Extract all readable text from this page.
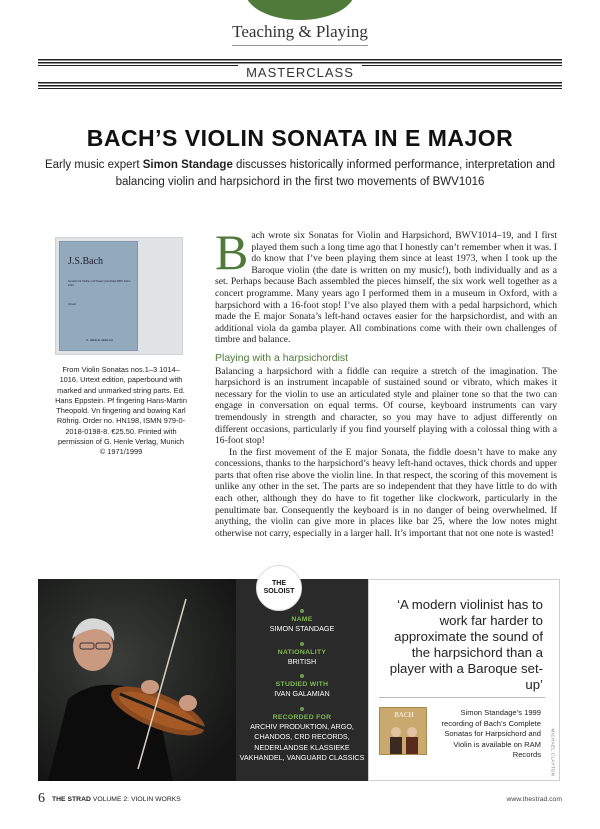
Teaching & Playing
MASTERCLASS
BACH’S VIOLIN SONATA IN E MAJOR
Early music expert Simon Standage discusses historically informed performance, interpretation and balancing violin and harpsichord in the first two movements of BWV1016
J.S.Bach
Sonaten für Violine und Klavier (Cembalo) BWV 1014–1016
Urtext
G. HENLE VERLAG
From Violin Sonatas nos.1–3 1014–1016. Urtext edition, paperbound with marked and unmarked string parts. Ed. Hans Eppstein. Pf fingering Hans-Martin Theopold. Vn fingering and bowing Karl Röhrig. Order no. HN198, ISMN 979-0-2018-0198-8. €25.50. Printed with permission of G. Henle Verlag, Munich © 1971/1999
B ach wrote six Sonatas for Violin and Harpsichord, BWV1014–19, and I first played them such a long time ago that I honestly can’t remember when it was. I do know that I’ve been playing them since at least 1973, when I took up the Baroque violin (the date is written on my music!), both individually and as a set. Perhaps because Bach assembled the pieces himself, the six work well together as a concert programme. Many years ago I performed them in a museum in Oxford, with a harpsichord with a 16-foot stop! I’ve also played them with a pedal harpsichord, which made the E major Sonata’s left-hand octaves easier for the harpsichordist, and with an additional viola da gamba player. All combinations come with their own challenges of timbre and balance.

Playing with a harpsichordist

Balancing a harpsichord with a fiddle can require a stretch of the imagination. The harpsichord is an instrument incapable of sustained sound or vibrato, which makes it necessary for the violin to use an articulated style and plainer tone so that the two can engage in conversation on equal terms. Of course, keyboard instruments can vary tremendously in strength and character, so you may have to adjust differently on different occasions, particularly if you find yourself playing with a colossal thing with a 16-foot stop!

In the first movement of the E major Sonata, the fiddle doesn’t have to make any concessions, thanks to the harpsichord’s heavy left-hand octaves, thick chords and upper parts that often rise above the violin line. In that respect, the scoring of this movement is unlike any other in the set. The parts are so independent that they have little to do with each other, although they do have to fit together like clockwork, particularly in the penultimate bar. Consequently the keyboard is in no danger of being overwhelmed. If anything, the violin can give more in places like bar 25, where the low notes might otherwise not carry, especially in a larger hall. It’s important that not one note is wasted!

NAME
SIMON STANDAGE
NATIONALITY
BRITISH
STUDIED WITH
IVAN GALAMIAN
RECORDED FOR
ARCHIV PRODUKTION, ARGO, CHANDOS, CRD RECORDS, NEDERLANDSE KLASSIEKE VAKHANDEL, VANGUARD CLASSICS
‘A modern violinist has to work far harder to approximate the sound of the harpsichord than a player with a Baroque set-up’
BACH	Simon Standage’s 1999 recording of Bach’s Complete Sonatas for Harpsichord and Violin is available on RAM Records MICHAEL CLAYTON
THE
SOLOIST
6 THE STRAD VOLUME 2: VIOLIN WORKS	www.thestrad.com
